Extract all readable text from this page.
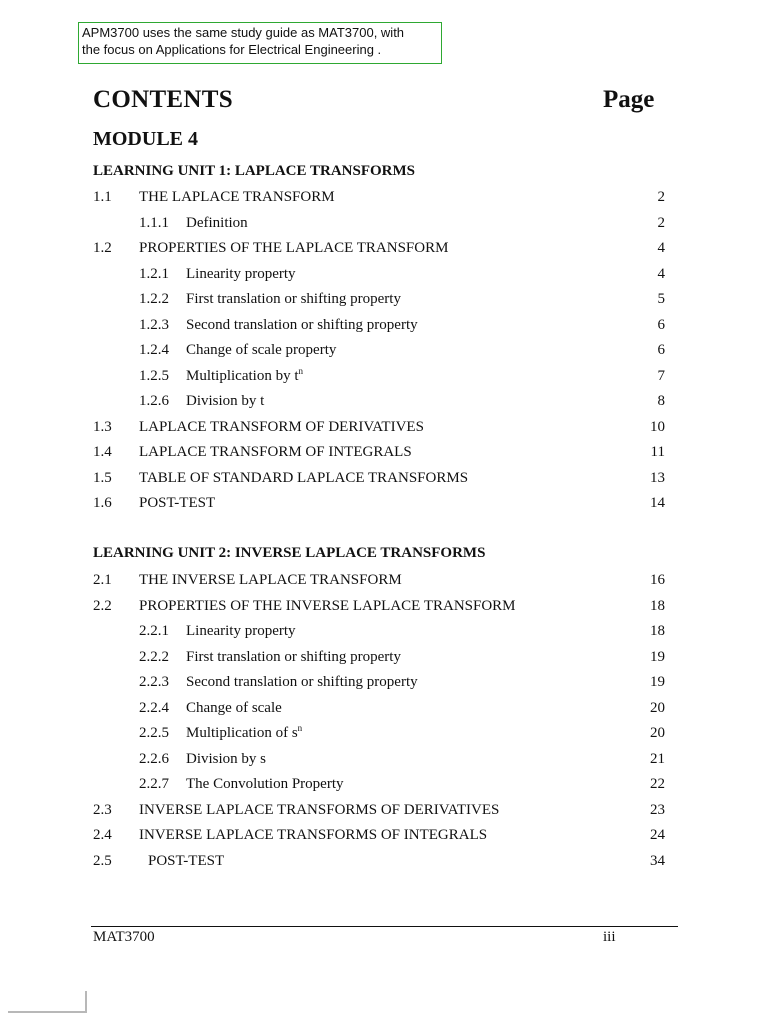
APM3700 uses the same study guide as MAT3700, with
the focus on Applications for Electrical Engineering .
CONTENTS	Page
MODULE 4
LEARNING UNIT 1: LAPLACE TRANSFORMS
1.1 THE LAPLACE TRANSFORM	2
1.1.1 Definition	2
1.2 PROPERTIES OF THE LAPLACE TRANSFORM	4
1.2.1 Linearity property	4
1.2.2 First translation or shifting property	5
1.2.3 Second translation or shifting property	6
1.2.4 Change of scale property	6
1.2.5 Multiplication by $t^n$	7
1.2.6 Division by t	8
1.3 LAPLACE TRANSFORM OF DERIVATIVES	10
1.4 LAPLACE TRANSFORM OF INTEGRALS	11
1.5 TABLE OF STANDARD LAPLACE TRANSFORMS	13
1.6 POST-TEST	14
LEARNING UNIT 2: INVERSE LAPLACE TRANSFORMS
2.1 THE INVERSE LAPLACE TRANSFORM	16
2.2 PROPERTIES OF THE INVERSE LAPLACE TRANSFORM	18
2.2.1 Linearity property	18
2.2.2 First translation or shifting property	19
2.2.3 Second translation or shifting property	19
2.2.4 Change of scale	20
2.2.5 Multiplication of $s^n$	20
2.2.6 Division by s	21
2.2.7 The Convolution Property	22
2.3 INVERSE LAPLACE TRANSFORMS OF DERIVATIVES	23
2.4 INVERSE LAPLACE TRANSFORMS OF INTEGRALS	24
2.5 POST-TEST	34
MAT3700	iii
